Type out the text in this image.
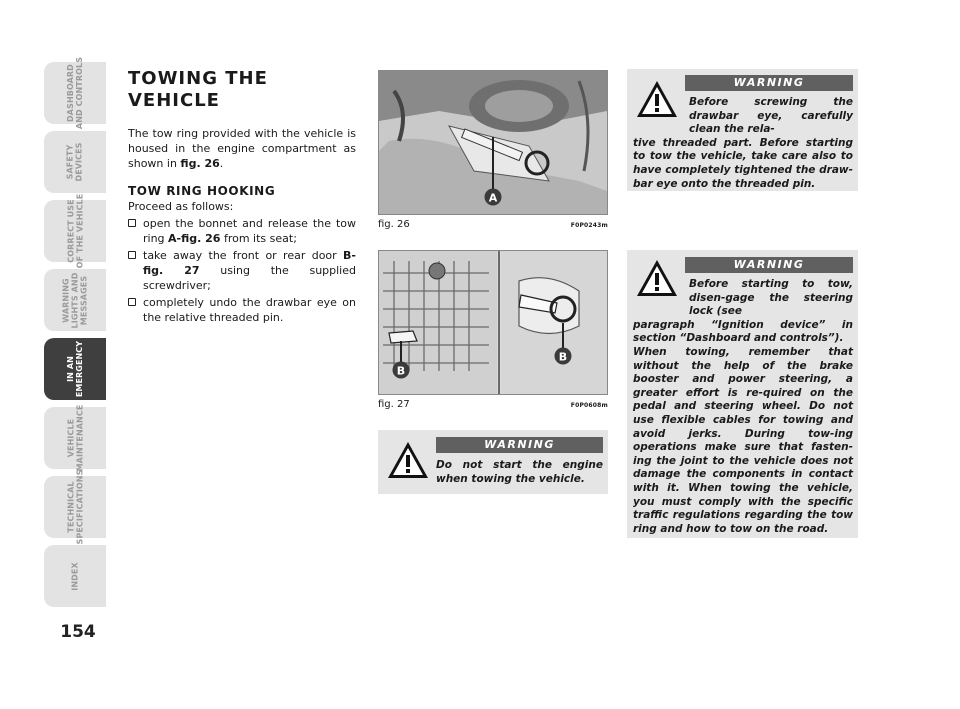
DASHBOARD
AND CONTROLS
SAFETY
DEVICES
CORRECT USE
OF THE VEHICLE
WARNING
LIGHTS AND
MESSAGES
IN AN
EMERGENCY
VEHICLE
MAINTENANCE
TECHNICAL
SPECIFICATIONS
INDEX
154
TOWING THE VEHICLE

The tow ring provided with the vehicle is housed in the engine compartment as shown in fig. 26.

TOW RING HOOKING

Proceed as follows:

open the bonnet and release the tow ring A-fig. 26 from its seat;
take away the front or rear door B-fig. 27 using the supplied screwdriver;
completely undo the drawbar eye on the relative threaded pin.
A
fig. 26	F0P0243m
B
B
fig. 27	F0P0608m
WARNING
Before screwing the drawbar eye, carefully clean the rela-
tive threaded part. Before starting to tow the vehicle, take care also to have completely tightened the draw-bar eye onto the threaded pin.
WARNING
Before starting to tow, disen-gage the steering lock (see
paragraph “Ignition device” in section “Dashboard and controls”).
When towing, remember that without the help of the brake booster and power steering, a greater effort is re-quired on the pedal and steering wheel. Do not use flexible cables for towing and avoid jerks. During tow-ing operations make sure that fasten-ing the joint to the vehicle does not damage the components in contact with it. When towing the vehicle, you must comply with the specific traffic regulations regarding the tow ring and how to tow on the road.
WARNING
Do not start the engine when towing the vehicle.
